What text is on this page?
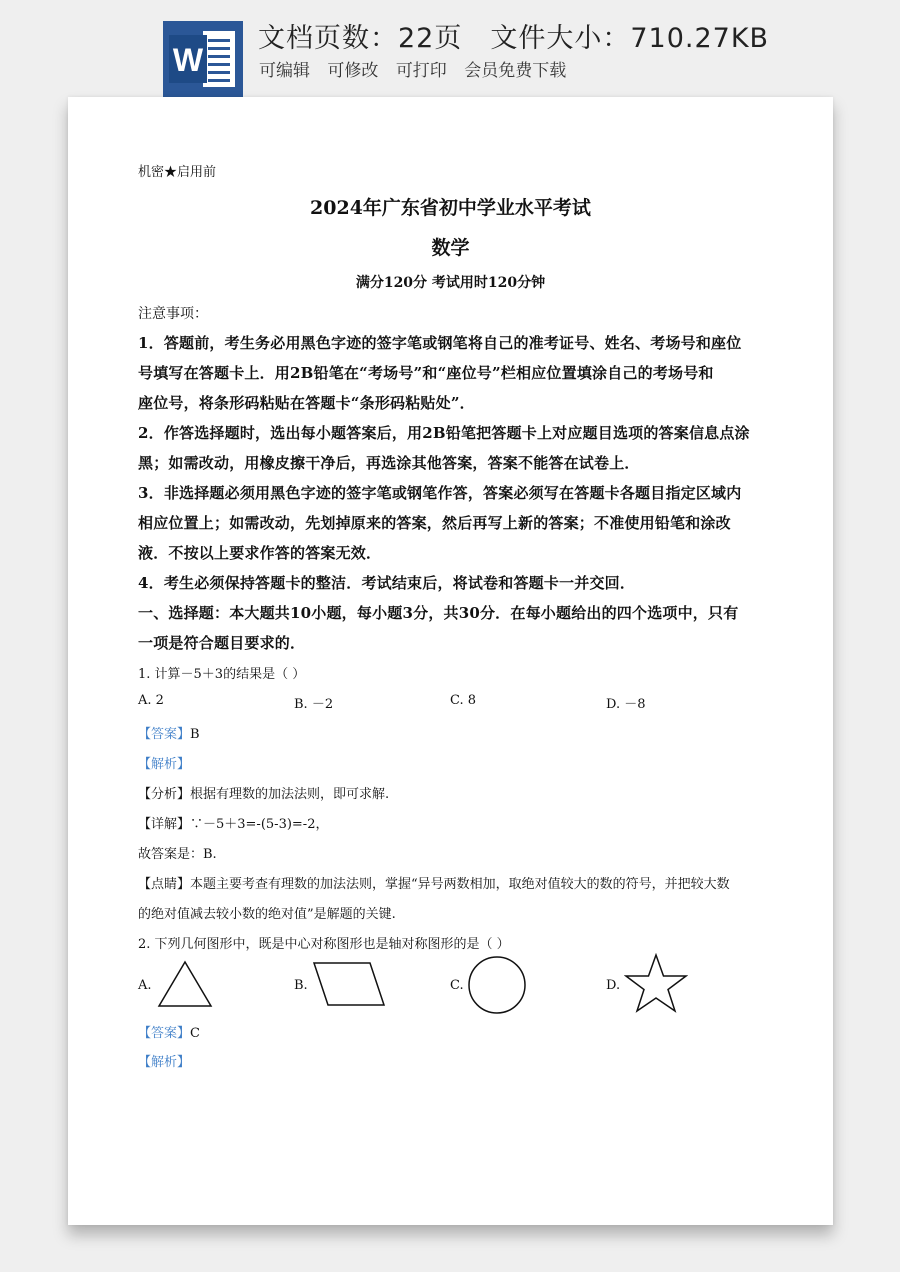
W
文档页数：22页 文件大小：710.27KB
可编辑 可修改 可打印 会员免费下载
机密★启用前
2024年广东省初中学业水平考试
数学
满分120分 考试用时120分钟
注意事项：
1．答题前，考生务必用黑色字迹的签字笔或钢笔将自己的准考证号、姓名、考场号和座位
号填写在答题卡上．用2B铅笔在“考场号”和“座位号”栏相应位置填涂自己的考场号和
座位号，将条形码粘贴在答题卡“条形码粘贴处”．
2．作答选择题时，选出每小题答案后，用2B铅笔把答题卡上对应题目选项的答案信息点涂
黑；如需改动，用橡皮擦干净后，再选涂其他答案，答案不能答在试卷上．
3．非选择题必须用黑色字迹的签字笔或钢笔作答，答案必须写在答题卡各题目指定区域内
相应位置上；如需改动，先划掉原来的答案，然后再写上新的答案；不准使用铅笔和涂改
液．不按以上要求作答的答案无效．
4．考生必须保持答题卡的整洁．考试结束后，将试卷和答题卡一并交回．
一、选择题：本大题共10小题，每小题3分，共30分．在每小题给出的四个选项中，只有
一项是符合题目要求的．
1. 计算－5＋3的结果是（ ）
A. 2	B. －2	C. 8	D. －8
【答案】B
【解析】
【分析】根据有理数的加法法则，即可求解.
【详解】∵－5＋3=-(5-3)=-2，
故答案是：B.
【点睛】本题主要考查有理数的加法法则，掌握“异号两数相加，取绝对值较大的数的符号，并把较大数
的绝对值减去较小数的绝对值”是解题的关键.
2. 下列几何图形中，既是中心对称图形也是轴对称图形的是（ ）
A.	B.	C.	D.
【答案】C
【解析】
